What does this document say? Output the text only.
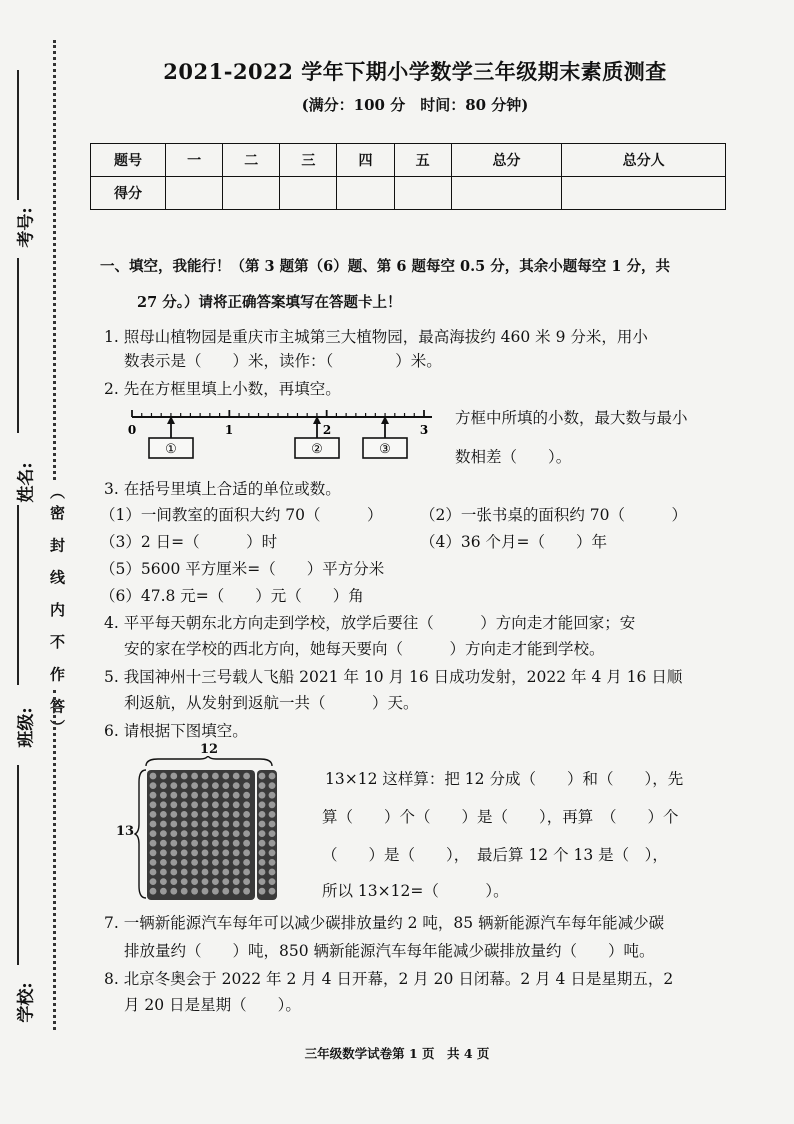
考号:
姓名:
班级:
学校:
（密 封 线 内 不 作 答）
2021-2022 学年下期小学数学三年级期末素质测查
(满分：100 分　时间：80 分钟)
题号	一	二	三	四	五	总分	总分人
得分							
一、填空，我能行！（第 3 题第（6）题、第 6 题每空 0.5 分，其余小题每空 1 分，共
27 分。）请将正确答案填写在答题卡上！
1. 照母山植物园是重庆市主城第三大植物园，最高海拔约 460 米 9 分米，用小
数表示是（　　）米，读作：（　　　　）米。
2. 先在方框里填上小数，再填空。
0	1	2	3
①	②	③
方框中所填的小数，最大数与最小
数相差（　　）。
3. 在括号里填上合适的单位或数。
（1）一间教室的面积大约 70（　　　） （2）一张书桌的面积约 70（　　　）
（3）2 日=（　　　）时	（4）36 个月=（　　）年
（5）5600 平方厘米=（　　）平方分米
（6）47.8 元=（　　）元（　　）角
4. 平平每天朝东北方向走到学校，放学后要往（　　　）方向走才能回家；安
安的家在学校的西北方向，她每天要向（　　　）方向走才能到学校。
5. 我国神州十三号载人飞船 2021 年 10 月 16 日成功发射，2022 年 4 月 16 日顺
利返航，从发射到返航一共（　　　）天。
6. 请根据下图填空。
12
13
13×12 这样算：把 12 分成（　　）和（　　），先
算（　　）个（　　）是（　　），再算　（　　）个
（　　）是（　　），　最后算 12 个 13 是（　），
所以 13×12=（　　　）。
7. 一辆新能源汽车每年可以减少碳排放量约 2 吨，85 辆新能源汽车每年能减少碳
排放量约（　　）吨，850 辆新能源汽车每年能减少碳排放量约（　　）吨。
8. 北京冬奥会于 2022 年 2 月 4 日开幕，2 月 20 日闭幕。2 月 4 日是星期五，2
月 20 日是星期（　　）。
三年级数学试卷第 1 页　共 4 页
